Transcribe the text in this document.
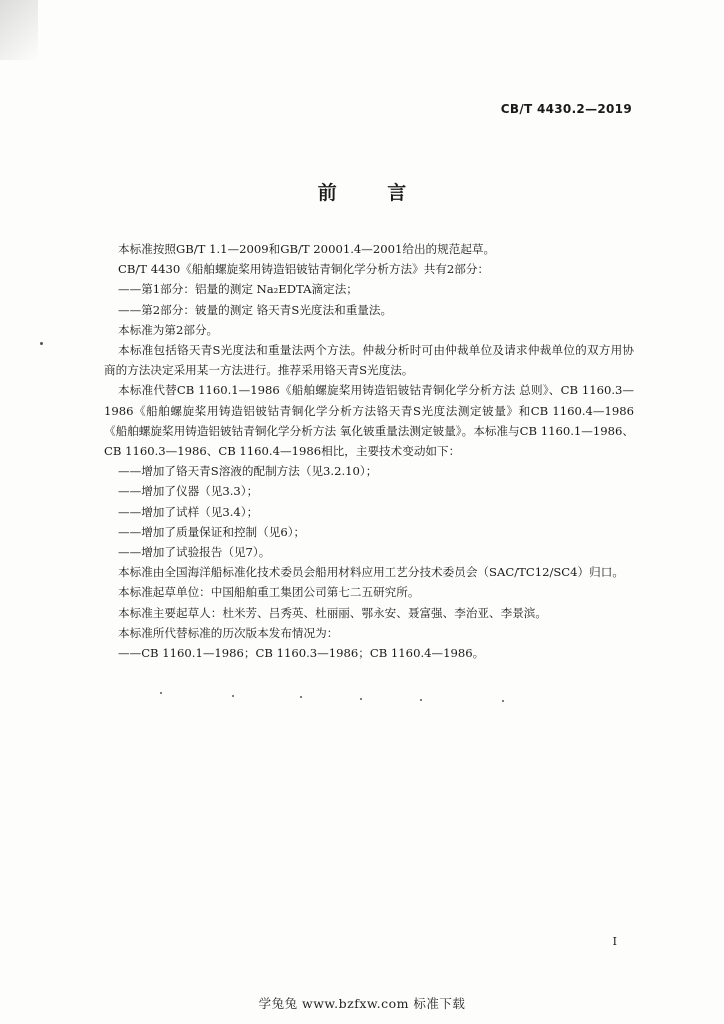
CB/T 4430.2—2019
前 言

本标准按照GB/T 1.1—2009和GB/T 20001.4—2001给出的规范起草。

CB/T 4430《船舶螺旋桨用铸造铝铍钴青铜化学分析方法》共有2部分：

——第1部分：铝量的测定 Na₂EDTA滴定法；

——第2部分：铍量的测定 铬天青S光度法和重量法。

本标准为第2部分。

本标准包括铬天青S光度法和重量法两个方法。仲裁分析时可由仲裁单位及请求仲裁单位的双方用协商的方法决定采用某一方法进行。推荐采用铬天青S光度法。

本标准代替CB 1160.1—1986《船舶螺旋桨用铸造铝铍钴青铜化学分析方法 总则》、CB 1160.3—1986《船舶螺旋桨用铸造铝铍钴青铜化学分析方法铬天青S光度法测定铍量》和CB 1160.4—1986《船舶螺旋桨用铸造铝铍钴青铜化学分析方法 氧化铍重量法测定铍量》。本标准与CB 1160.1—1986、CB 1160.3—1986、CB 1160.4—1986相比，主要技术变动如下：

——增加了铬天青S溶液的配制方法（见3.2.10）；

——增加了仪器（见3.3）；

——增加了试样（见3.4）；

——增加了质量保证和控制（见6）；

——增加了试验报告（见7）。

本标准由全国海洋船标准化技术委员会船用材料应用工艺分技术委员会（SAC/TC12/SC4）归口。

本标准起草单位：中国船舶重工集团公司第七二五研究所。

本标准主要起草人：杜米芳、吕秀英、杜丽丽、鄂永安、聂富强、李治亚、李景滨。

本标准所代替标准的历次版本发布情况为：

——CB 1160.1—1986；CB 1160.3—1986；CB 1160.4—1986。

I
学兔兔 www.bzfxw.com 标准下载
